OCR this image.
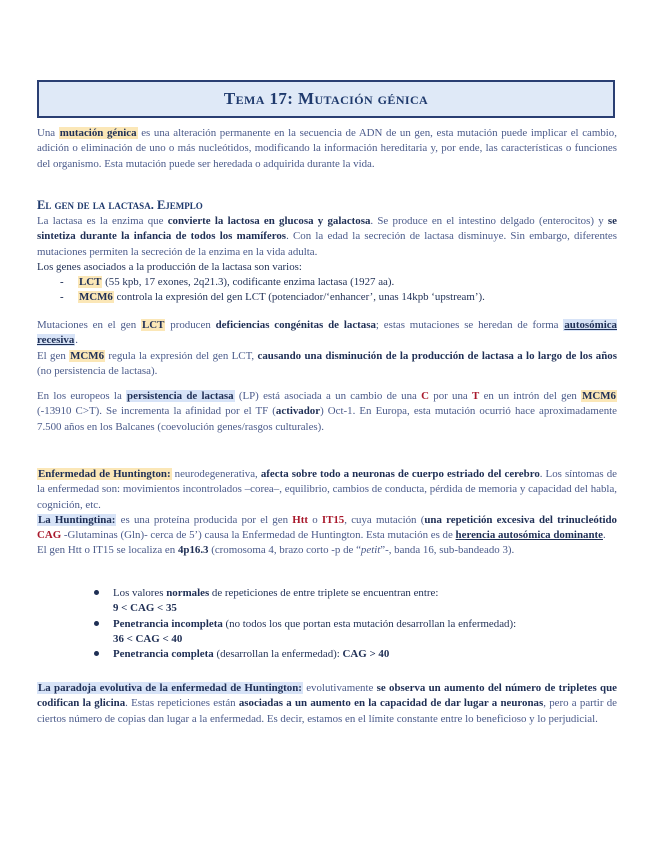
Tema 17: Mutación génica
Una mutación génica es una alteración permanente en la secuencia de ADN de un gen, esta mutación puede implicar el cambio, adición o eliminación de uno o más nucleótidos, modificando la información hereditaria y, por ende, las características o funciones del organismo. Esta mutación puede ser heredada o adquirida durante la vida.
El gen de la lactasa. Ejemplo
La lactasa es la enzima que convierte la lactosa en glucosa y galactosa. Se produce en el intestino delgado (enterocitos) y se sintetiza durante la infancia de todos los mamíferos. Con la edad la secreción de lactasa disminuye. Sin embargo, diferentes mutaciones permiten la secreción de la enzima en la vida adulta.
Los genes asociados a la producción de la lactasa son varios:
-	LCT (55 kpb, 17 exones, 2q21.3), codificante enzima lactasa (1927 aa).
-	MCM6 controla la expresión del gen LCT (potenciador/‘enhancer’, unas 14kpb ‘upstream’).
Mutaciones en el gen LCT producen deficiencias congénitas de lactasa; estas mutaciones se heredan de forma autosómica recesiva.
El gen MCM6 regula la expresión del gen LCT, causando una disminución de la producción de lactasa a lo largo de los años (no persistencia de lactasa).
En los europeos la persistencia de lactasa (LP) está asociada a un cambio de una C por una T en un intrón del gen MCM6 (-13910 C>T). Se incrementa la afinidad por el TF (activador) Oct-1. En Europa, esta mutación ocurrió hace aproximadamente 7.500 años en los Balcanes (coevolución genes/rasgos culturales).
Enfermedad de Huntington: neurodegenerativa, afecta sobre todo a neuronas de cuerpo estriado del cerebro. Los síntomas de la enfermedad son: movimientos incontrolados –corea–, equilibrio, cambios de conducta, pérdida de memoria y capacidad del habla, cognición, etc.
La Huntingtina: es una proteína producida por el gen Htt o IT15, cuya mutación (una repetición excesiva del trinucleótido CAG -Glutaminas (Gln)- cerca de 5’) causa la Enfermedad de Huntington. Esta mutación es de herencia autosómica dominante.
El gen Htt o IT15 se localiza en 4p16.3 (cromosoma 4, brazo corto -p de “petit”-, banda 16, sub-bandeado 3).
Los valores normales de repeticiones de entre triplete se encuentran entre:
9 < CAG < 35
Penetrancia incompleta (no todos los que portan esta mutación desarrollan la enfermedad):
36 < CAG < 40
Penetrancia completa (desarrollan la enfermedad): CAG > 40
La paradoja evolutiva de la enfermedad de Huntington: evolutivamente se observa un aumento del número de tripletes que codifican la glicina. Estas repeticiones están asociadas a un aumento en la capacidad de dar lugar a neuronas, pero a partir de ciertos número de copias dan lugar a la enfermedad. Es decir, estamos en el límite constante entre lo beneficioso y lo perjudicial.
